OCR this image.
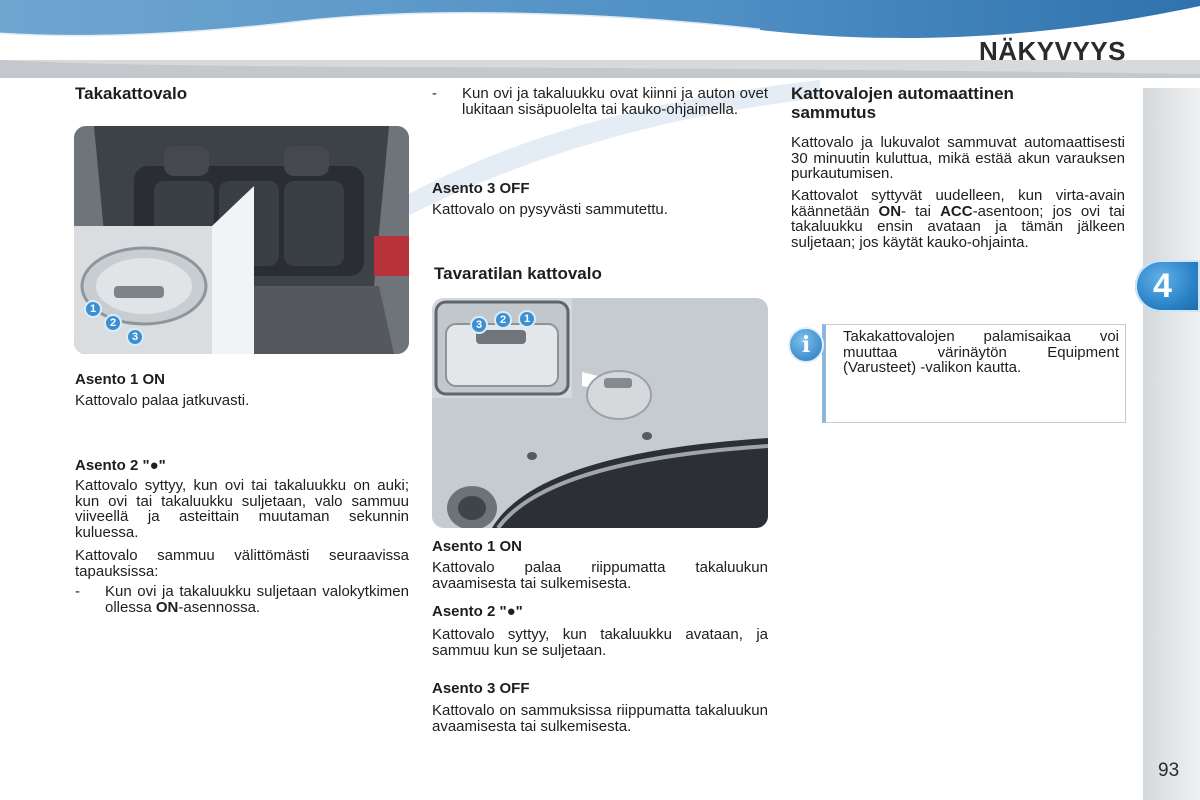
NÄKYVYYS
Takakattovalo
1
2
3
Asento 1 ON
Kattovalo palaa jatkuvasti.
Asento 2 "●"
Kattovalo syttyy, kun ovi tai takaluukku on auki; kun ovi tai takaluukku suljetaan, valo sammuu viiveellä ja asteittain muutaman sekunnin kuluessa.
Kattovalo sammuu välittömästi seuraavissa tapauksissa:
-	Kun ovi ja takaluukku suljetaan valokytkimen ollessa ON-asennossa.
-	Kun ovi ja takaluukku ovat kiinni ja auton ovet lukitaan sisäpuolelta tai kauko-ohjaimella.
Asento 3 OFF
Kattovalo on pysyvästi sammutettu.
Tavaratilan kattovalo
3 2 1
Asento 1 ON
Kattovalo palaa riippumatta takaluukun avaamisesta tai sulkemisesta.
Asento 2 "●"
Kattovalo syttyy, kun takaluukku avataan, ja sammuu kun se suljetaan.
Asento 3 OFF
Kattovalo on sammuksissa riippumatta takaluukun avaamisesta tai sulkemisesta.
Kattovalojen automaattinen sammutus
Kattovalo ja lukuvalot sammuvat automaattisesti 30 minuutin kuluttua, mikä estää akun varauksen purkautumisen.
Kattovalot syttyvät uudelleen, kun virta-avain käännetään ON- tai ACC-asentoon; jos ovi tai takaluukku ensin avataan ja tämän jälkeen suljetaan; jos käytät kauko-ohjainta.
Takakattovalojen palamisaikaa voi muuttaa värinäytön Equipment (Varusteet) -valikon kautta.
i
4
93
